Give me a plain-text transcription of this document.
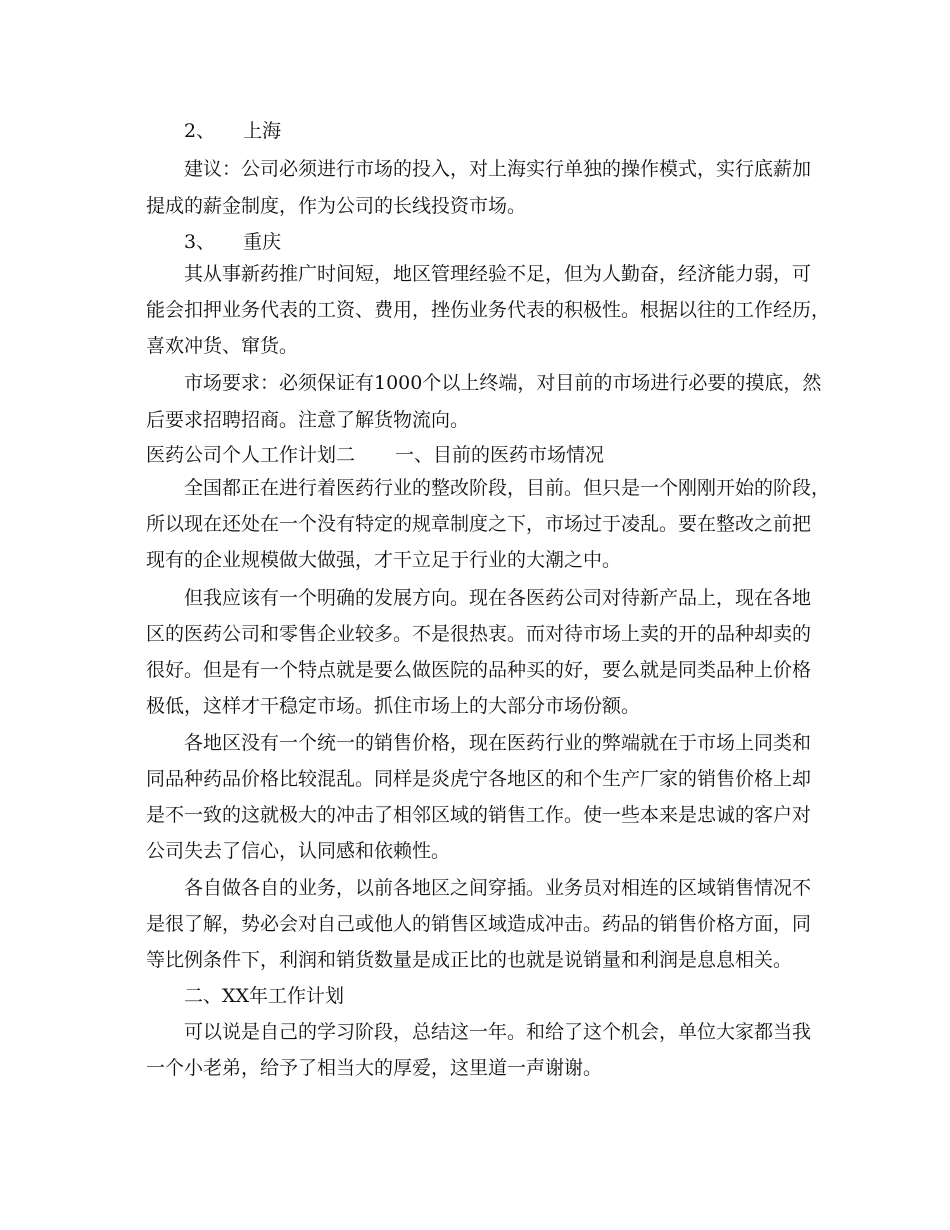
2、 上海
建议：公司必须进行市场的投入，对上海实行单独的操作模式，实行底薪加
提成的薪金制度，作为公司的长线投资市场。
3、 重庆
其从事新药推广时间短，地区管理经验不足，但为人勤奋，经济能力弱，可
能会扣押业务代表的工资、费用，挫伤业务代表的积极性。根据以往的工作经历，
喜欢冲货、窜货。
市场要求：必须保证有1000个以上终端，对目前的市场进行必要的摸底，然
后要求招聘招商。注意了解货物流向。
医药公司个人工作计划二 一、目前的医药市场情况
全国都正在进行着医药行业的整改阶段，目前。但只是一个刚刚开始的阶段，
所以现在还处在一个没有特定的规章制度之下，市场过于凌乱。要在整改之前把
现有的企业规模做大做强，才干立足于行业的大潮之中。
但我应该有一个明确的发展方向。现在各医药公司对待新产品上，现在各地
区的医药公司和零售企业较多。不是很热衷。而对待市场上卖的开的品种却卖的
很好。但是有一个特点就是要么做医院的品种买的好，要么就是同类品种上价格
极低，这样才干稳定市场。抓住市场上的大部分市场份额。
各地区没有一个统一的销售价格，现在医药行业的弊端就在于市场上同类和
同品种药品价格比较混乱。同样是炎虎宁各地区的和个生产厂家的销售价格上却
是不一致的这就极大的冲击了相邻区域的销售工作。使一些本来是忠诚的客户对
公司失去了信心，认同感和依赖性。
各自做各自的业务，以前各地区之间穿插。业务员对相连的区域销售情况不
是很了解，势必会对自己或他人的销售区域造成冲击。药品的销售价格方面，同
等比例条件下，利润和销货数量是成正比的也就是说销量和利润是息息相关。
二、XX年工作计划
可以说是自己的学习阶段，总结这一年。和给了这个机会，单位大家都当我
一个小老弟，给予了相当大的厚爱，这里道一声谢谢。
